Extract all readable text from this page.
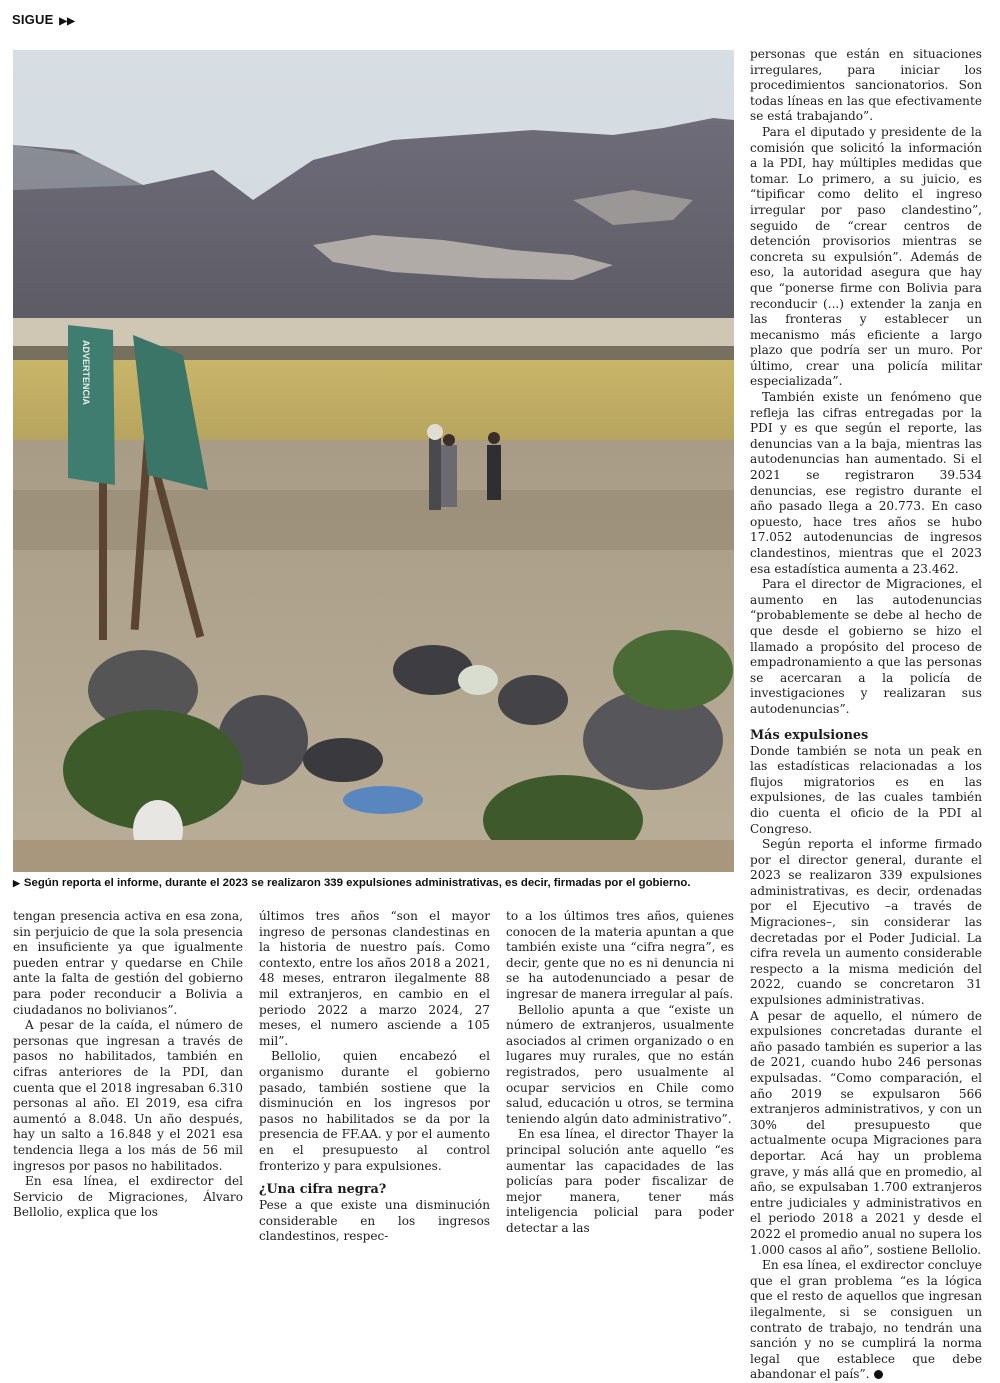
SIGUE ▶▶
ADVERTENCIA
▶ Según reporta el informe, durante el 2023 se realizaron 339 expulsiones administrativas, es decir, firmadas por el gobierno.

tengan presencia activa en esa zona, sin perjuicio de que la sola presencia en insuficiente ya que igualmente pueden entrar y quedarse en Chile ante la falta de gestión del gobierno para poder reconducir a Bolivia a ciudadanos no bolivianos”.

A pesar de la caída, el número de personas que ingresan a través de pasos no habilitados, también en cifras anteriores de la PDI, dan cuenta que el 2018 ingresaban 6.310 personas al año. El 2019, esa cifra aumentó a 8.048. Un año después, hay un salto a 16.848 y el 2021 esa tendencia llega a los más de 56 mil ingresos por pasos no habilitados.

En esa línea, el exdirector del Servicio de Migraciones, Álvaro Bellolio, explica que los

últimos tres años “son el mayor ingreso de personas clandestinas en la historia de nuestro país. Como contexto, entre los años 2018 a 2021, 48 meses, entraron ilegalmente 88 mil extranjeros, en cambio en el periodo 2022 a marzo 2024, 27 meses, el numero asciende a 105 mil”.

Bellolio, quien encabezó el organismo durante el gobierno pasado, también sostiene que la disminución en los ingresos por pasos no habilitados se da por la presencia de FF.AA. y por el aumento en el presupuesto al control fronterizo y para expulsiones.

¿Una cifra negra?

Pese a que existe una disminución considerable en los ingresos clandestinos, respec-

to a los últimos tres años, quienes conocen de la materia apuntan a que también existe una “cifra negra”, es decir, gente que no es ni denuncia ni se ha autodenunciado a pesar de ingresar de manera irregular al país.

Bellolio apunta a que “existe un número de extranjeros, usualmente asociados al crimen organizado o en lugares muy rurales, que no están registrados, pero usualmente al ocupar servicios en Chile como salud, educación u otros, se termina teniendo algún dato administrativo”.

En esa línea, el director Thayer la principal solución ante aquello “es aumentar las capacidades de las policías para poder fiscalizar de mejor manera, tener más inteligencia policial para poder detectar a las

personas que están en situaciones irregulares, para iniciar los procedimientos sancionatorios. Son todas líneas en las que efectivamente se está trabajando”.

Para el diputado y presidente de la comisión que solicitó la información a la PDI, hay múltiples medidas que tomar. Lo primero, a su juicio, es “tipificar como delito el ingreso irregular por paso clandestino”, seguido de “crear centros de detención provisorios mientras se concreta su expulsión”. Además de eso, la autoridad asegura que hay que “ponerse firme con Bolivia para reconducir (...) extender la zanja en las fronteras y establecer un mecanismo más eficiente a largo plazo que podría ser un muro. Por último, crear una policía militar especializada”.

También existe un fenómeno que refleja las cifras entregadas por la PDI y es que según el reporte, las denuncias van a la baja, mientras las autodenuncias han aumentado. Si el 2021 se registraron 39.534 denuncias, ese registro durante el año pasado llega a 20.773. En caso opuesto, hace tres años se hubo 17.052 autodenuncias de ingresos clandestinos, mientras que el 2023 esa estadística aumenta a 23.462.

Para el director de Migraciones, el aumento en las autodenuncias “probablemente se debe al hecho de que desde el gobierno se hizo el llamado a propósito del proceso de empadronamiento a que las personas se acercaran a la policía de investigaciones y realizaran sus autodenuncias”.

Más expulsiones

Donde también se nota un peak en las estadísticas relacionadas a los flujos migratorios es en las expulsiones, de las cuales también dio cuenta el oficio de la PDI al Congreso.

Según reporta el informe firmado por el director general, durante el 2023 se realizaron 339 expulsiones administrativas, es decir, ordenadas por el Ejecutivo –a través de Migraciones–, sin considerar las decretadas por el Poder Judicial. La cifra revela un aumento considerable respecto a la misma medición del 2022, cuando se concretaron 31 expulsiones administrativas.

A pesar de aquello, el número de expulsiones concretadas durante el año pasado también es superior a las de 2021, cuando hubo 246 personas expulsadas. “Como comparación, el año 2019 se expulsaron 566 extranjeros administrativos, y con un 30% del presupuesto que actualmente ocupa Migraciones para deportar. Acá hay un problema grave, y más allá que en promedio, al año, se expulsaban 1.700 extranjeros entre judiciales y administrativos en el periodo 2018 a 2021 y desde el 2022 el promedio anual no supera los 1.000 casos al año”, sostiene Bellolio.

En esa línea, el exdirector concluye que el gran problema “es la lógica que el resto de aquellos que ingresan ilegalmente, si se consiguen un contrato de trabajo, no tendrán una sanción y no se cumplirá la norma legal que establece que debe abandonar el país”.
